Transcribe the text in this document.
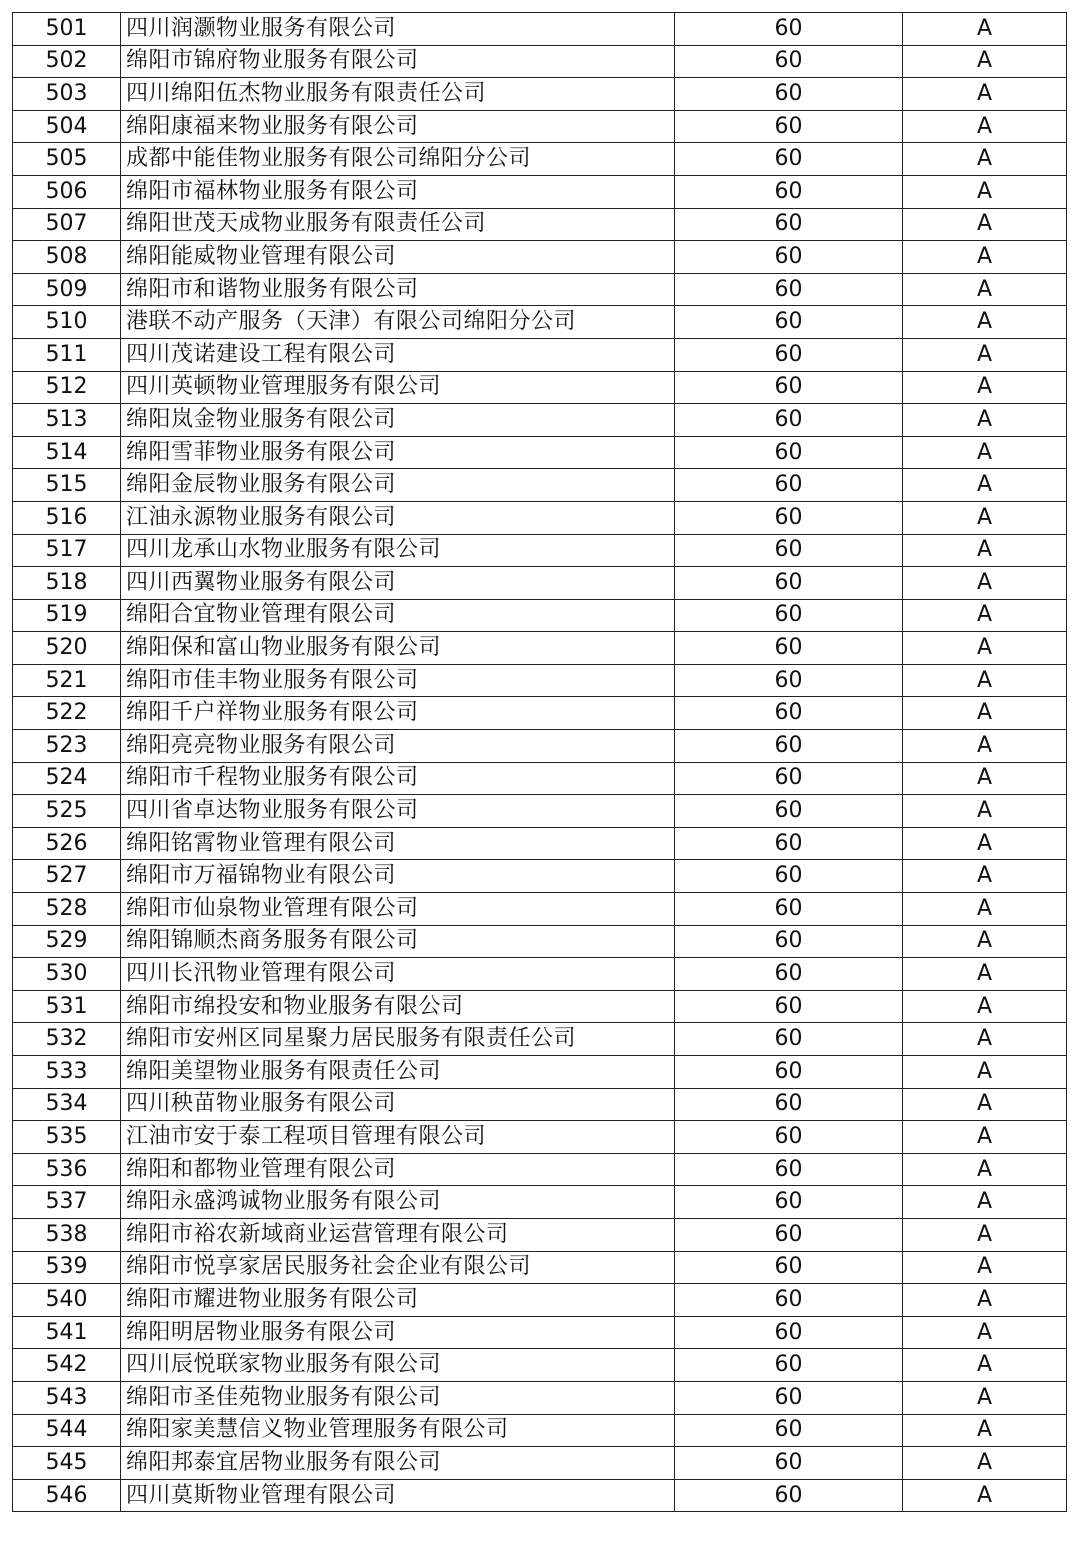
501	四川润灏物业服务有限公司	60	A
502	绵阳市锦府物业服务有限公司	60	A
503	四川绵阳伍杰物业服务有限责任公司	60	A
504	绵阳康福来物业服务有限公司	60	A
505	成都中能佳物业服务有限公司绵阳分公司	60	A
506	绵阳市福林物业服务有限公司	60	A
507	绵阳世茂天成物业服务有限责任公司	60	A
508	绵阳能威物业管理有限公司	60	A
509	绵阳市和谐物业服务有限公司	60	A
510	港联不动产服务（天津）有限公司绵阳分公司	60	A
511	四川茂诺建设工程有限公司	60	A
512	四川英顿物业管理服务有限公司	60	A
513	绵阳岚金物业服务有限公司	60	A
514	绵阳雪菲物业服务有限公司	60	A
515	绵阳金辰物业服务有限公司	60	A
516	江油永源物业服务有限公司	60	A
517	四川龙承山水物业服务有限公司	60	A
518	四川西翼物业服务有限公司	60	A
519	绵阳合宜物业管理有限公司	60	A
520	绵阳保和富山物业服务有限公司	60	A
521	绵阳市佳丰物业服务有限公司	60	A
522	绵阳千户祥物业服务有限公司	60	A
523	绵阳亮亮物业服务有限公司	60	A
524	绵阳市千程物业服务有限公司	60	A
525	四川省卓达物业服务有限公司	60	A
526	绵阳铭霄物业管理有限公司	60	A
527	绵阳市万福锦物业有限公司	60	A
528	绵阳市仙泉物业管理有限公司	60	A
529	绵阳锦顺杰商务服务有限公司	60	A
530	四川长汛物业管理有限公司	60	A
531	绵阳市绵投安和物业服务有限公司	60	A
532	绵阳市安州区同星聚力居民服务有限责任公司	60	A
533	绵阳美望物业服务有限责任公司	60	A
534	四川秧苗物业服务有限公司	60	A
535	江油市安于泰工程项目管理有限公司	60	A
536	绵阳和都物业管理有限公司	60	A
537	绵阳永盛鸿诚物业服务有限公司	60	A
538	绵阳市裕农新域商业运营管理有限公司	60	A
539	绵阳市悦享家居民服务社会企业有限公司	60	A
540	绵阳市耀进物业服务有限公司	60	A
541	绵阳明居物业服务有限公司	60	A
542	四川辰悦联家物业服务有限公司	60	A
543	绵阳市圣佳苑物业服务有限公司	60	A
544	绵阳家美慧信义物业管理服务有限公司	60	A
545	绵阳邦泰宜居物业服务有限公司	60	A
546	四川莫斯物业管理有限公司	60	A
